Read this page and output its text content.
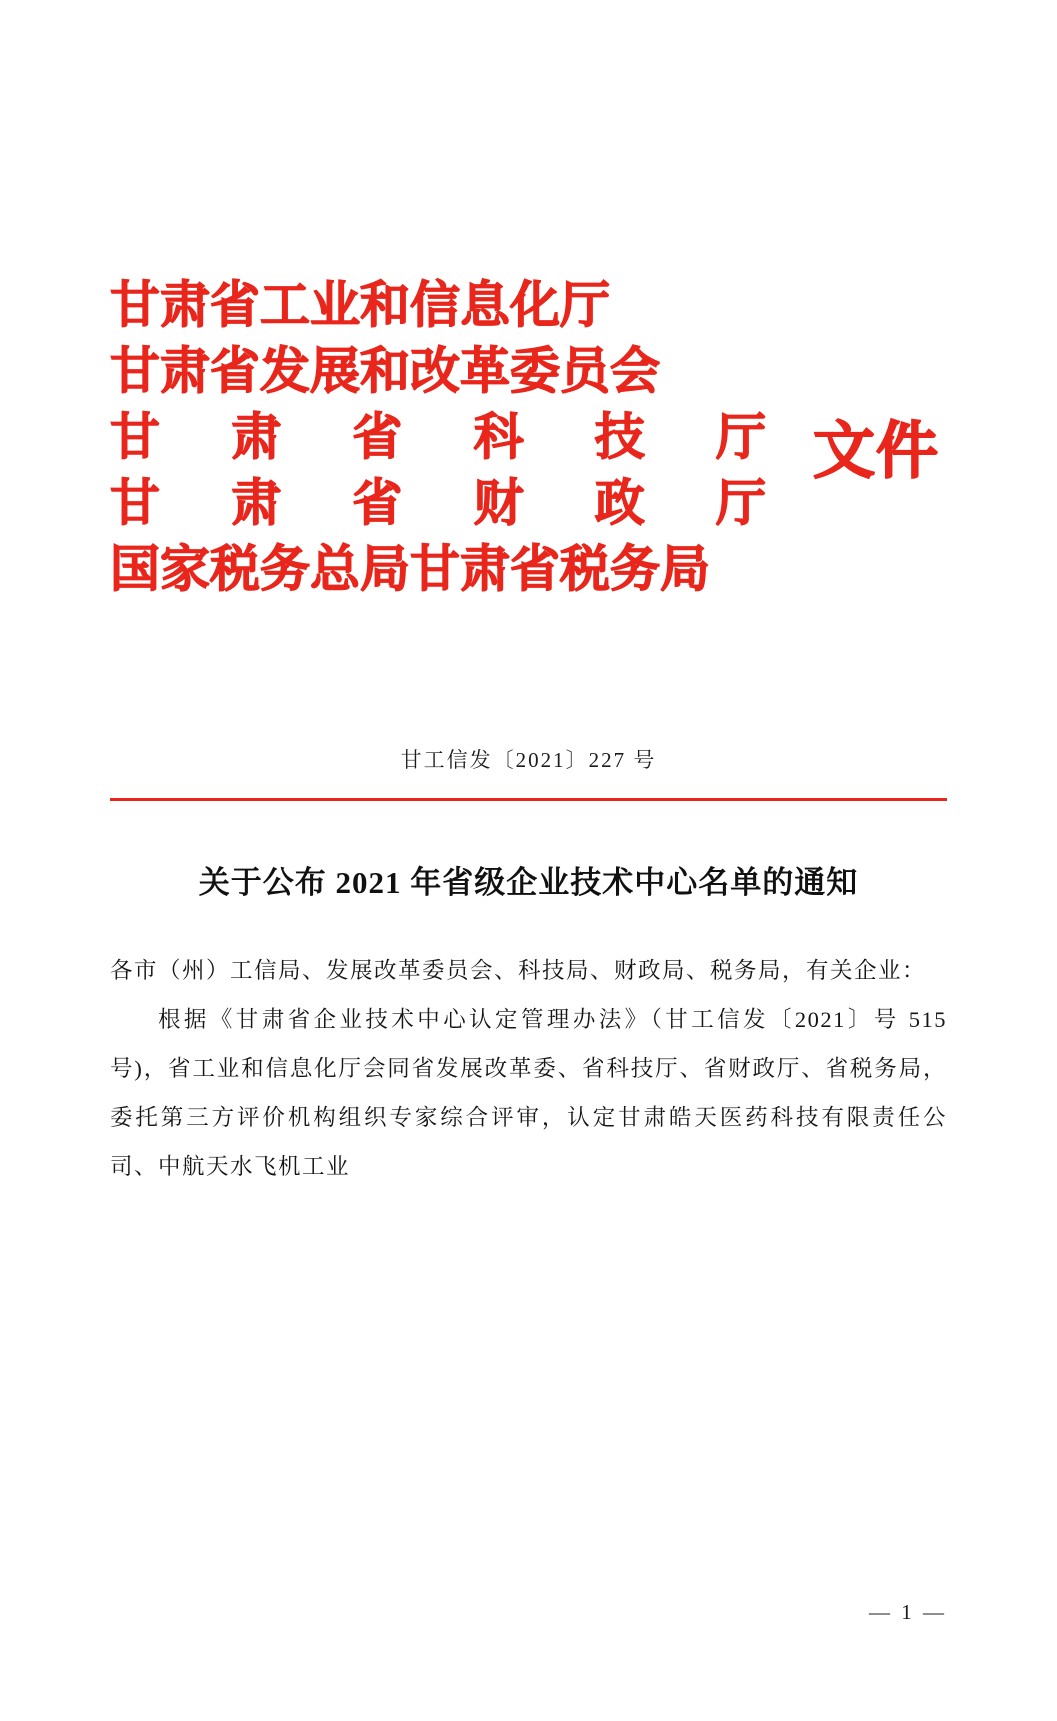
甘肃省工业和信息化厅
甘肃省发展和改革委员会
甘 肃 省 科 技 厅
甘 肃 省 财 政 厅
国家税务总局甘肃省税务局
文件
甘工信发〔2021〕227 号
关于公布 2021 年省级企业技术中心名单的通知

各市（州）工信局、发展改革委员会、科技局、财政局、税务局，有关企业：

根据《甘肃省企业技术中心认定管理办法》（甘工信发〔2021〕号 515 号)，省工业和信息化厅会同省发展改革委、省科技厅、省财政厅、省税务局，委托第三方评价机构组织专家综合评审，认定甘肃皓天医药科技有限责任公司、中航天水飞机工业

— 1 —
